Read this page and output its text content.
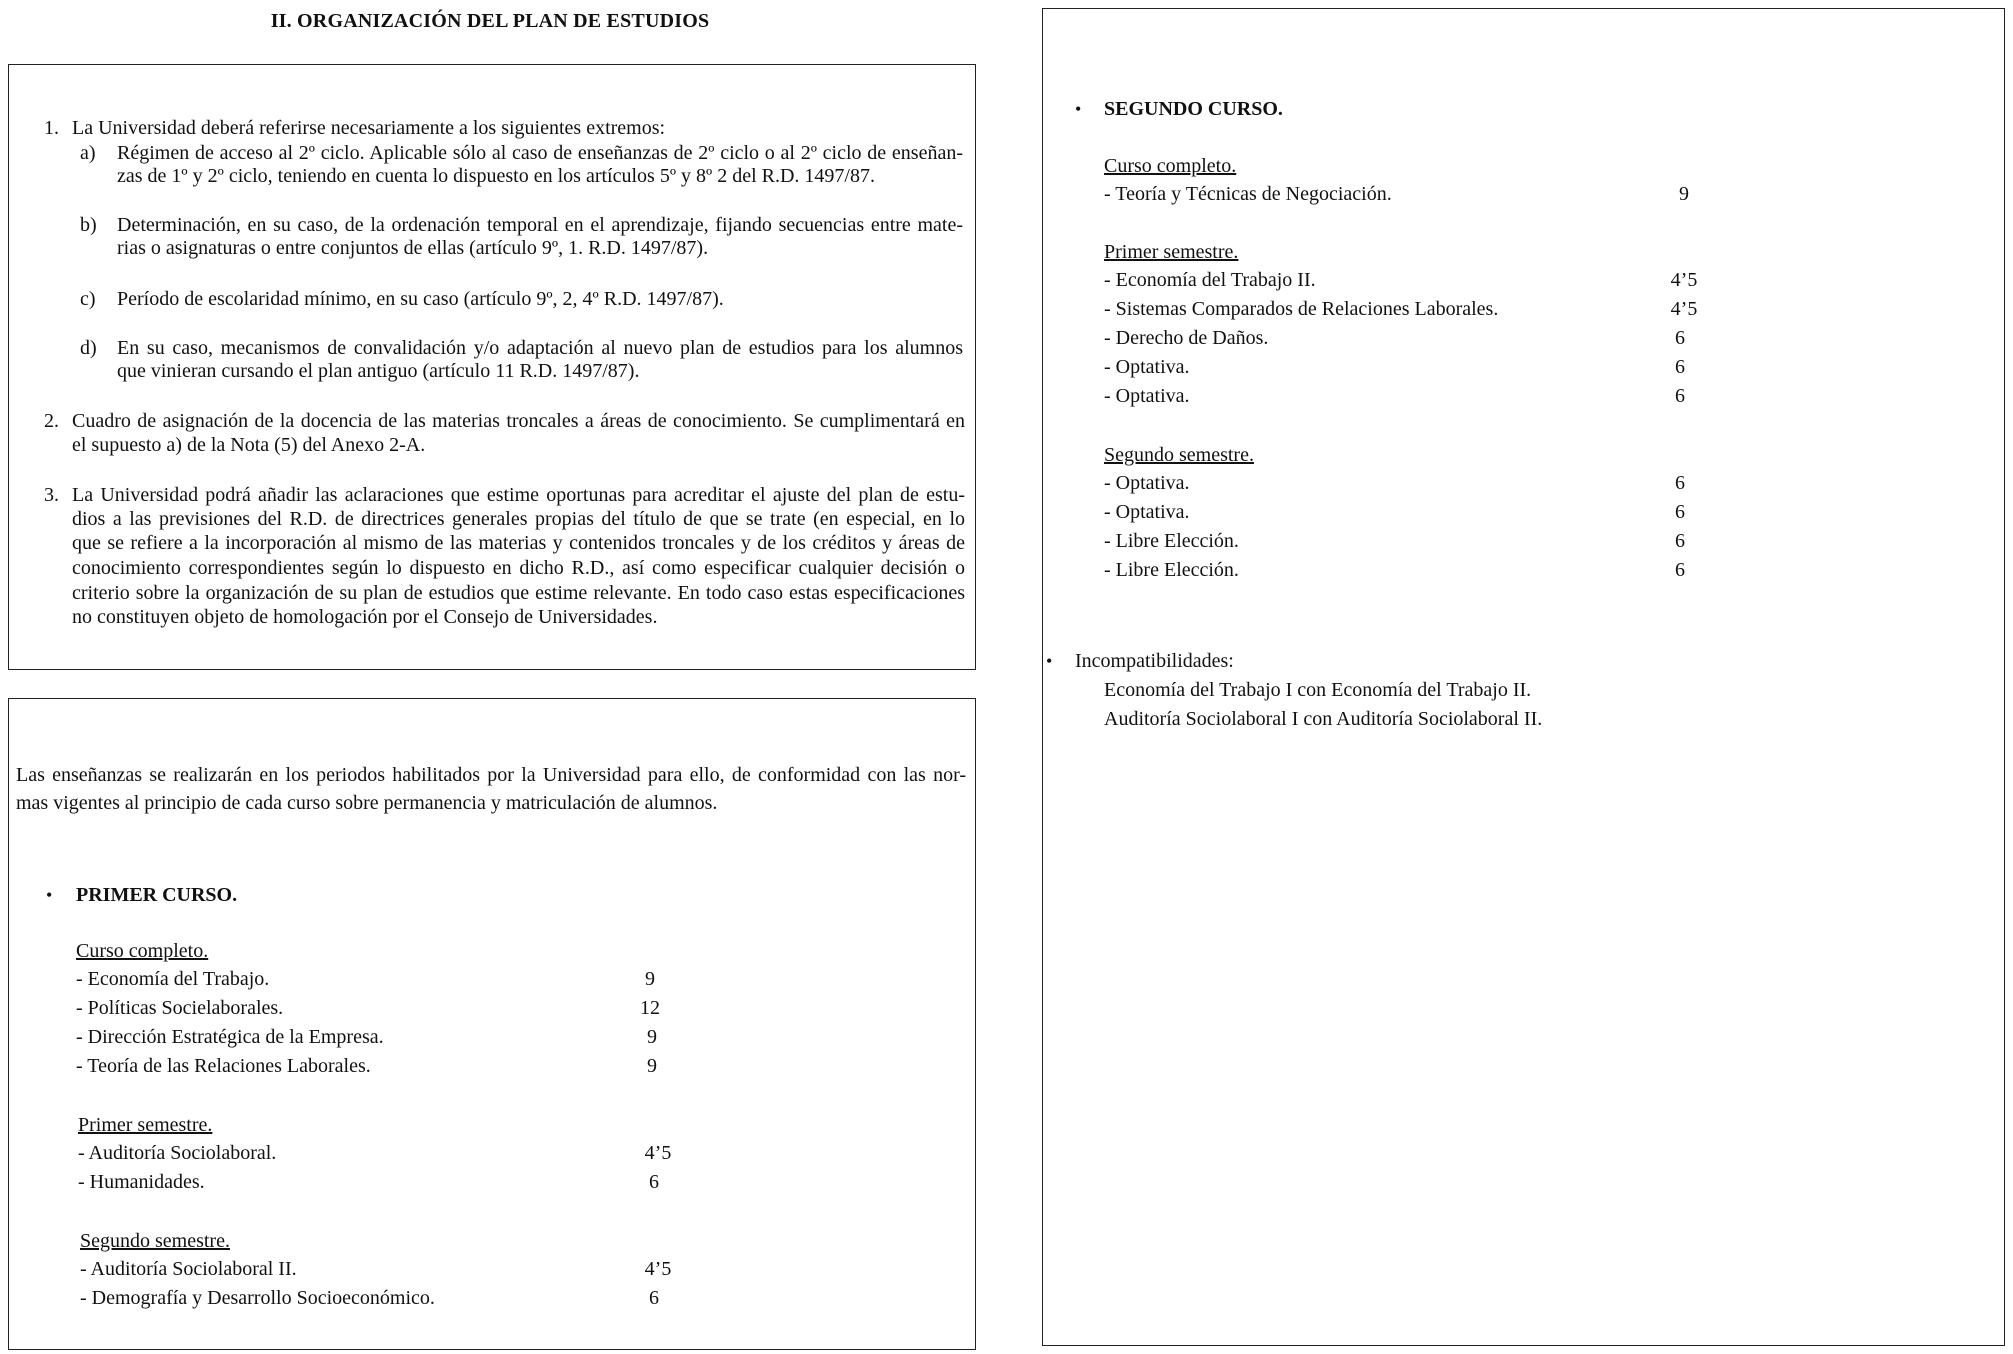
II. ORGANIZACIÓN DEL PLAN DE ESTUDIOS
1. La Universidad deberá referirse necesariamente a los siguientes extremos:
a) Régimen de acceso al 2º ciclo. Aplicable sólo al caso de enseñanzas de 2º ciclo o al 2º ciclo de enseñan-
zas de 1º y 2º ciclo, teniendo en cuenta lo dispuesto en los artículos 5º y 8º 2 del R.D. 1497/87.
b) Determinación, en su caso, de la ordenación temporal en el aprendizaje, fijando secuencias entre mate-
rias o asignaturas o entre conjuntos de ellas (artículo 9º, 1. R.D. 1497/87).
c) Período de escolaridad mínimo, en su caso (artículo 9º, 2, 4º R.D. 1497/87).
d) En su caso, mecanismos de convalidación y/o adaptación al nuevo plan de estudios para los alumnos
que vinieran cursando el plan antiguo (artículo 11 R.D. 1497/87).
2. Cuadro de asignación de la docencia de las materias troncales a áreas de conocimiento. Se cumplimentará en
el supuesto a) de la Nota (5) del Anexo 2-A.
3. La Universidad podrá añadir las aclaraciones que estime oportunas para acreditar el ajuste del plan de estu-
dios a las previsiones del R.D. de directrices generales propias del título de que se trate (en especial, en lo
que se refiere a la incorporación al mismo de las materias y contenidos troncales y de los créditos y áreas de
conocimiento correspondientes según lo dispuesto en dicho R.D., así como especificar cualquier decisión o
criterio sobre la organización de su plan de estudios que estime relevante. En todo caso estas especificaciones
no constituyen objeto de homologación por el Consejo de Universidades.
Las enseñanzas se realizarán en los periodos habilitados por la Universidad para ello, de conformidad con las nor-
mas vigentes al principio de cada curso sobre permanencia y matriculación de alumnos.
• PRIMER CURSO.
Curso completo.
- Economía del Trabajo.	9
- Políticas Socielaborales.	12
- Dirección Estratégica de la Empresa.	9
- Teoría de las Relaciones Laborales.	9
Primer semestre.
- Auditoría Sociolaboral.	4’5
- Humanidades.	6
Segundo semestre.
- Auditoría Sociolaboral II.	4’5
- Demografía y Desarrollo Socioeconómico.	6
• SEGUNDO CURSO.
Curso completo.
- Teoría y Técnicas de Negociación.	9
Primer semestre.
- Economía del Trabajo II.	4’5
- Sistemas Comparados de Relaciones Laborales.	4’5
- Derecho de Daños.	6
- Optativa.	6
- Optativa.	6
Segundo semestre.
- Optativa.	6
- Optativa.	6
- Libre Elección.	6
- Libre Elección.	6
• Incompatibilidades:
Economía del Trabajo I con Economía del Trabajo II.
Auditoría Sociolaboral I con Auditoría Sociolaboral II.
